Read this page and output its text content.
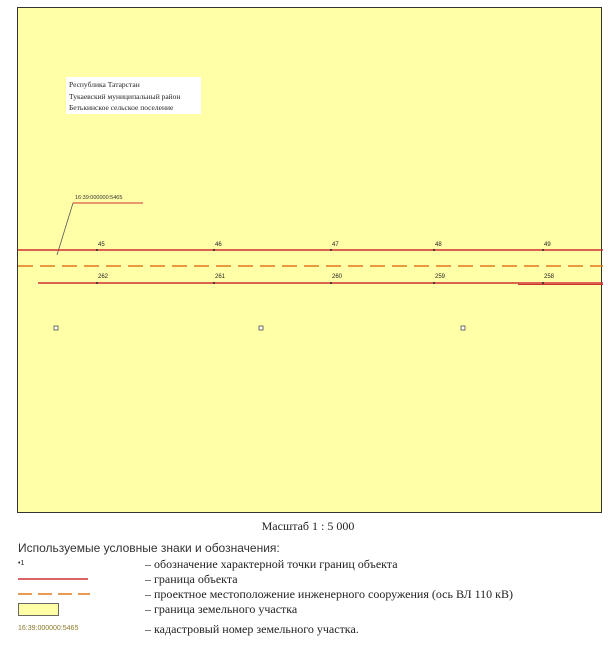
16:39:000000:5465
45	46	47	48	49
262	261	260	259	258
Республика Татарстан
Тукаевский муниципальный район
Бетькинское сельское поселение
Масштаб 1 : 5 000
Используемые условные знаки и обозначения:
•1	– обозначение характерной точки границ объекта
– граница объекта
– проектное местоположение инженерного сооружения (ось ВЛ 110 кВ)
– граница земельного участка
16:39:000000:5465	– кадастровый номер земельного участка.
